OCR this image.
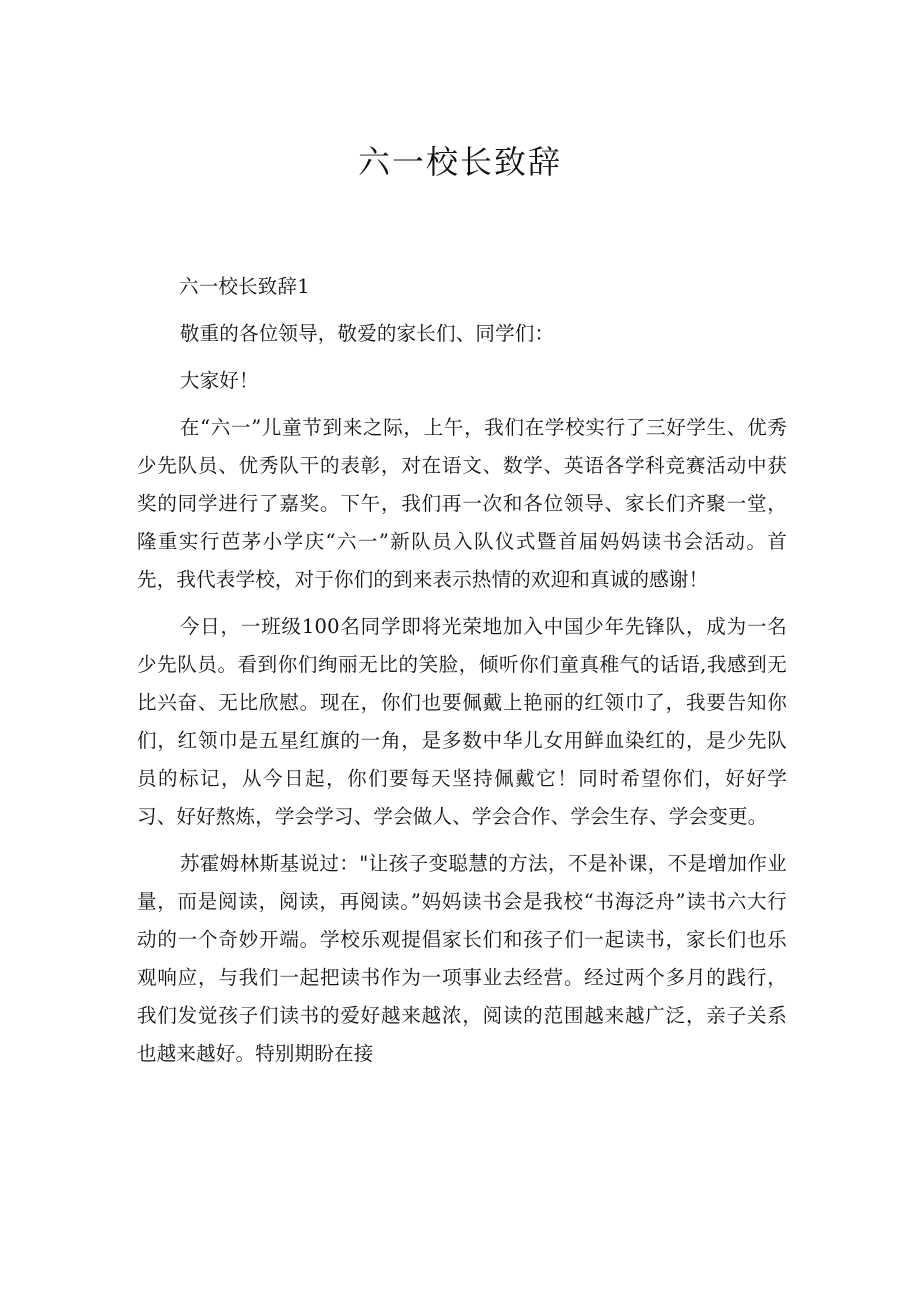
六一校长致辞

六一校长致辞1

敬重的各位领导，敬爱的家长们、同学们：

大家好！

在“六一”儿童节到来之际，上午，我们在学校实行了三好学生、优秀少先队员、优秀队干的表彰，对在语文、数学、英语各学科竞赛活动中获奖的同学进行了嘉奖。下午，我们再一次和各位领导、家长们齐聚一堂，隆重实行芭茅小学庆“六一”新队员入队仪式暨首届妈妈读书会活动。首先，我代表学校，对于你们的到来表示热情的欢迎和真诚的感谢！

今日，一班级100名同学即将光荣地加入中国少年先锋队，成为一名少先队员。看到你们绚丽无比的笑脸，倾听你们童真稚气的话语,我感到无比兴奋、无比欣慰。现在，你们也要佩戴上艳丽的红领巾了，我要告知你们，红领巾是五星红旗的一角，是多数中华儿女用鲜血染红的，是少先队员的标记，从今日起，你们要每天坚持佩戴它！同时希望你们，好好学习、好好熬炼，学会学习、学会做人、学会合作、学会生存、学会变更。

苏霍姆林斯基说过："让孩子变聪慧的方法，不是补课，不是增加作业量，而是阅读，阅读，再阅读。”妈妈读书会是我校“书海泛舟”读书六大行动的一个奇妙开端。学校乐观提倡家长们和孩子们一起读书，家长们也乐观响应，与我们一起把读书作为一项事业去经营。经过两个多月的践行，我们发觉孩子们读书的爱好越来越浓，阅读的范围越来越广泛，亲子关系也越来越好。特别期盼在接
